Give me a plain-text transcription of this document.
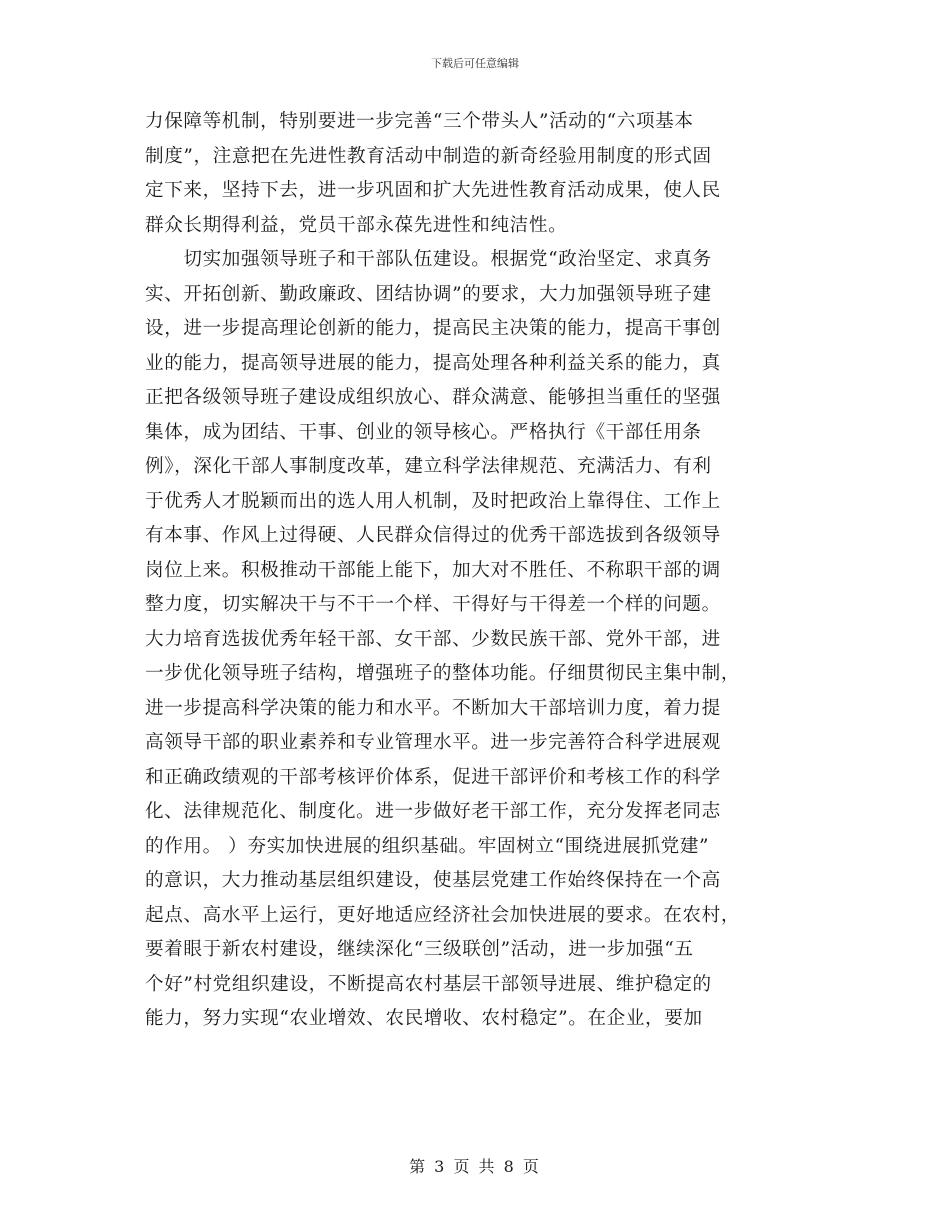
下载后可任意编辑
力保障等机制，特别要进一步完善“三个带头人”活动的“六项基本
制度”，注意把在先进性教育活动中制造的新奇经验用制度的形式固
定下来，坚持下去，进一步巩固和扩大先进性教育活动成果，使人民
群众长期得利益，党员干部永葆先进性和纯洁性。
　　切实加强领导班子和干部队伍建设。根据党“政治坚定、求真务
实、开拓创新、勤政廉政、团结协调”的要求，大力加强领导班子建
设，进一步提高理论创新的能力，提高民主决策的能力，提高干事创
业的能力，提高领导进展的能力，提高处理各种利益关系的能力，真
正把各级领导班子建设成组织放心、群众满意、能够担当重任的坚强
集体，成为团结、干事、创业的领导核心。严格执行《干部任用条
例》，深化干部人事制度改革，建立科学法律规范、充满活力、有利
于优秀人才脱颖而出的选人用人机制，及时把政治上靠得住、工作上
有本事、作风上过得硬、人民群众信得过的优秀干部选拔到各级领导
岗位上来。积极推动干部能上能下，加大对不胜任、不称职干部的调
整力度，切实解决干与不干一个样、干得好与干得差一个样的问题。
大力培育选拔优秀年轻干部、女干部、少数民族干部、党外干部，进
一步优化领导班子结构，增强班子的整体功能。仔细贯彻民主集中制，
进一步提高科学决策的能力和水平。不断加大干部培训力度，着力提
高领导干部的职业素养和专业管理水平。进一步完善符合科学进展观
和正确政绩观的干部考核评价体系，促进干部评价和考核工作的科学
化、法律规范化、制度化。进一步做好老干部工作，充分发挥老同志
的作用。 ）夯实加快进展的组织基础。牢固树立“围绕进展抓党建”
的意识，大力推动基层组织建设，使基层党建工作始终保持在一个高
起点、高水平上运行，更好地适应经济社会加快进展的要求。在农村，
要着眼于新农村建设，继续深化“三级联创”活动，进一步加强“五
个好”村党组织建设，不断提高农村基层干部领导进展、维护稳定的
能力，努力实现“农业增效、农民增收、农村稳定”。在企业，要加
第 3 页 共 8 页
